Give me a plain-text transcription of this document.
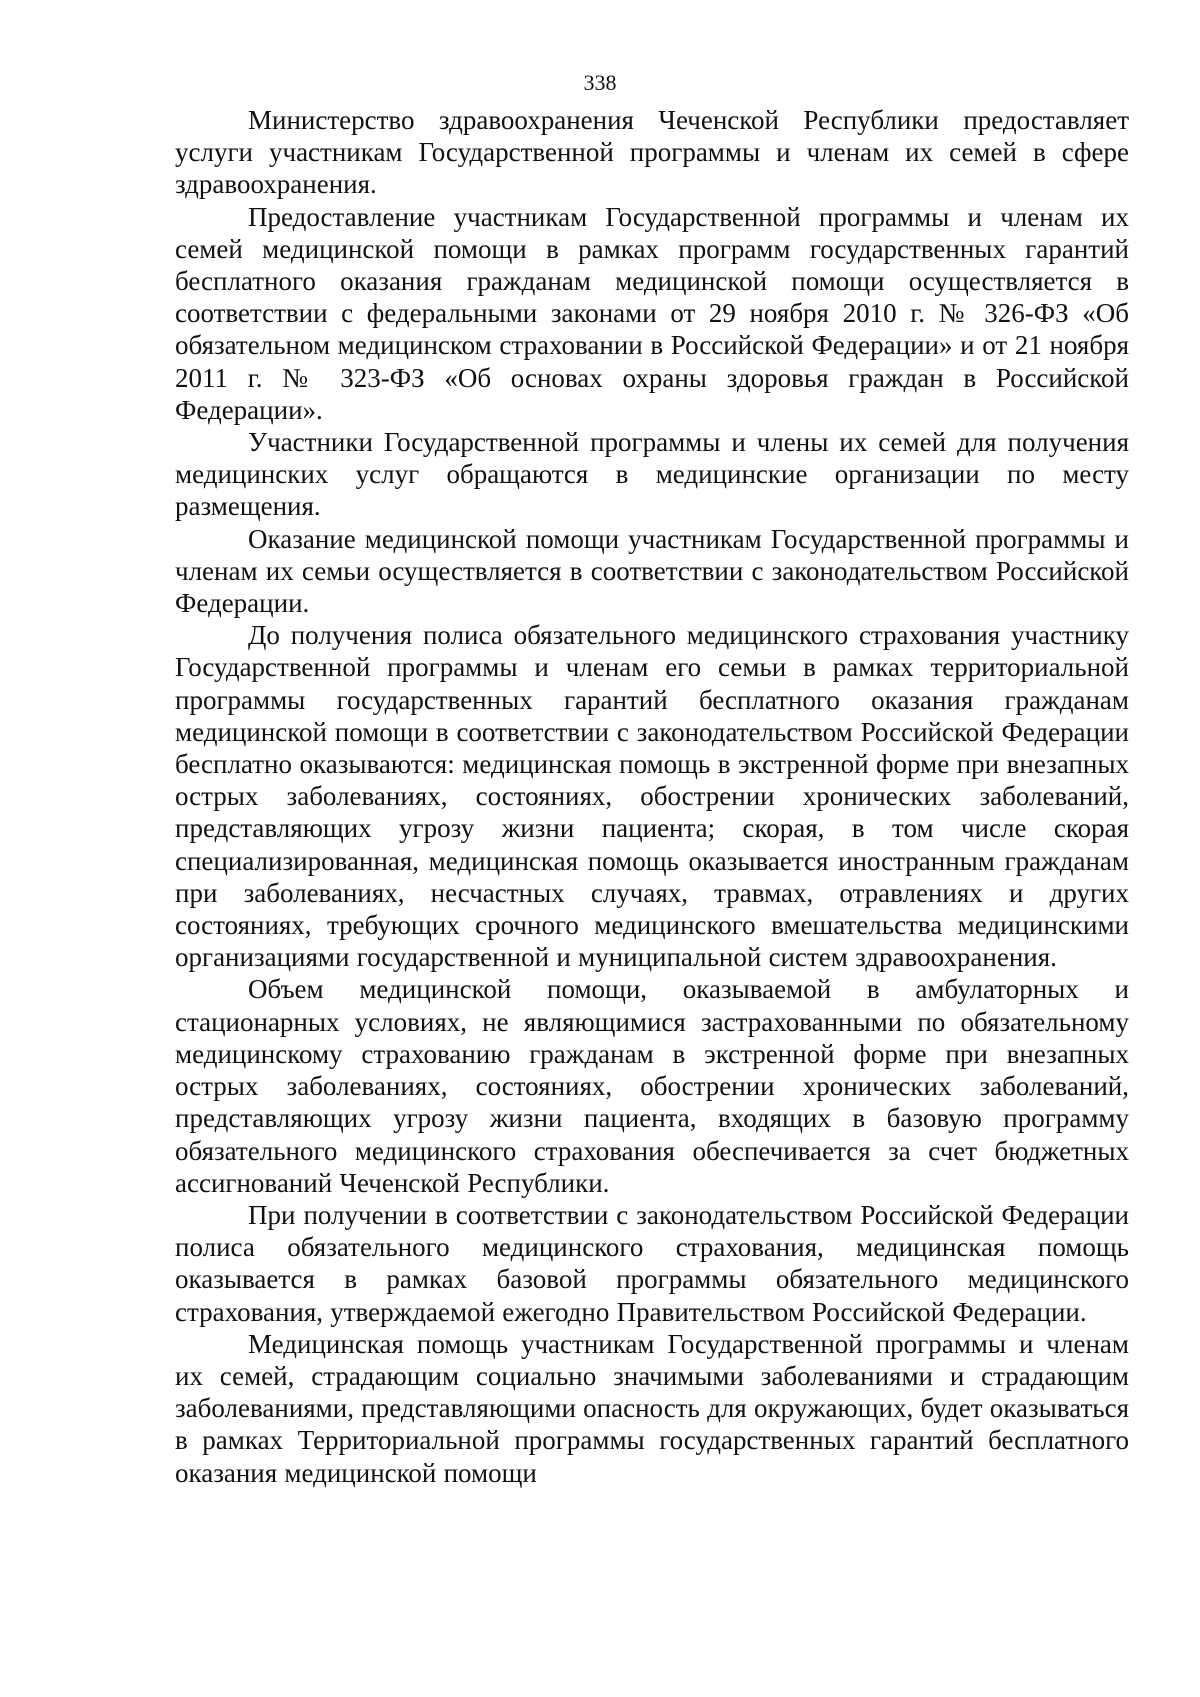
338

Министерство здравоохранения Чеченской Республики предоставляет услуги участникам Государственной программы и членам их семей в сфере здравоохранения.

Предоставление участникам Государственной программы и членам их семей медицинской помощи в рамках программ государственных гарантий бесплатного оказания гражданам медицинской помощи осуществляется в соответствии с федеральными законами от 29 ноября 2010 г. № 326-ФЗ «Об обязательном медицинском страховании в Российской Федерации» и от 21 ноября 2011 г. № 323-ФЗ «Об основах охраны здоровья граждан в Российской Федерации».

Участники Государственной программы и члены их семей для получения медицинских услуг обращаются в медицинские организации по месту размещения.

Оказание медицинской помощи участникам Государственной программы и членам их семьи осуществляется в соответствии с законодательством Российской Федерации.

До получения полиса обязательного медицинского страхования участнику Государственной программы и членам его семьи в рамках территориальной программы государственных гарантий бесплатного оказания гражданам медицинской помощи в соответствии с законодательством Российской Федерации бесплатно оказываются: медицинская помощь в экстренной форме при внезапных острых заболеваниях, состояниях, обострении хронических заболеваний, представляющих угрозу жизни пациента; скорая, в том числе скорая специализированная, медицинская помощь оказывается иностранным гражданам при заболеваниях, несчастных случаях, травмах, отравлениях и других состояниях, требующих срочного медицинского вмешательства медицинскими организациями государственной и муниципальной систем здравоохранения.

Объем медицинской помощи, оказываемой в амбулаторных и стационарных условиях, не являющимися застрахованными по обязательному медицинскому страхованию гражданам в экстренной форме при внезапных острых заболеваниях, состояниях, обострении хронических заболеваний, представляющих угрозу жизни пациента, входящих в базовую программу обязательного медицинского страхования обеспечивается за счет бюджетных ассигнований Чеченской Республики.

При получении в соответствии с законодательством Российской Федерации полиса обязательного медицинского страхования, медицинская помощь оказывается в рамках базовой программы обязательного медицинского страхования, утверждаемой ежегодно Правительством Российской Федерации.

Медицинская помощь участникам Государственной программы и членам их семей, страдающим социально значимыми заболеваниями и страдающим заболеваниями, представляющими опасность для окружающих, будет оказываться в рамках Территориальной программы государственных гарантий бесплатного оказания медицинской помощи
